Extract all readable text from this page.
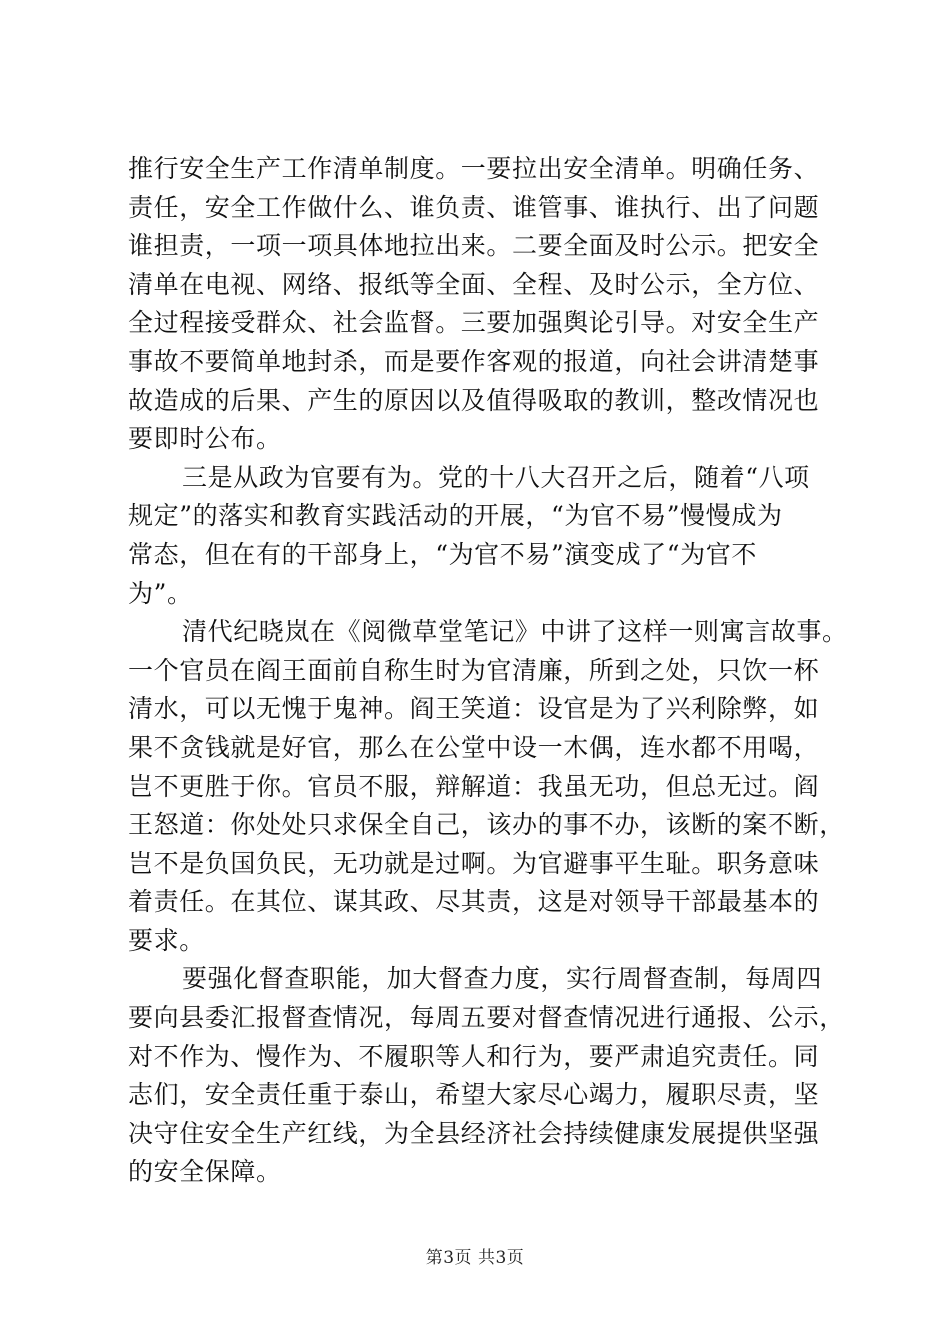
推行安全生产工作清单制度。一要拉出安全清单。明确任务、
责任，安全工作做什么、谁负责、谁管事、谁执行、出了问题
谁担责，一项一项具体地拉出来。二要全面及时公示。把安全
清单在电视、网络、报纸等全面、全程、及时公示，全方位、
全过程接受群众、社会监督。三要加强舆论引导。对安全生产
事故不要简单地封杀，而是要作客观的报道，向社会讲清楚事
故造成的后果、产生的原因以及值得吸取的教训，整改情况也
要即时公布。
三是从政为官要有为。党的十八大召开之后，随着“八项
规定”的落实和教育实践活动的开展，“为官不易”慢慢成为
常态，但在有的干部身上，“为官不易”演变成了“为官不
为”。
清代纪晓岚在《阅微草堂笔记》中讲了这样一则寓言故事。
一个官员在阎王面前自称生时为官清廉，所到之处，只饮一杯
清水，可以无愧于鬼神。阎王笑道：设官是为了兴利除弊，如
果不贪钱就是好官，那么在公堂中设一木偶，连水都不用喝，
岂不更胜于你。官员不服，辩解道：我虽无功，但总无过。阎
王怒道：你处处只求保全自己，该办的事不办，该断的案不断，
岂不是负国负民，无功就是过啊。为官避事平生耻。职务意味
着责任。在其位、谋其政、尽其责，这是对领导干部最基本的
要求。
要强化督查职能，加大督查力度，实行周督查制，每周四
要向县委汇报督查情况，每周五要对督查情况进行通报、公示，
对不作为、慢作为、不履职等人和行为，要严肃追究责任。同
志们，安全责任重于泰山，希望大家尽心竭力，履职尽责，坚
决守住安全生产红线，为全县经济社会持续健康发展提供坚强
的安全保障。
第3页 共3页
